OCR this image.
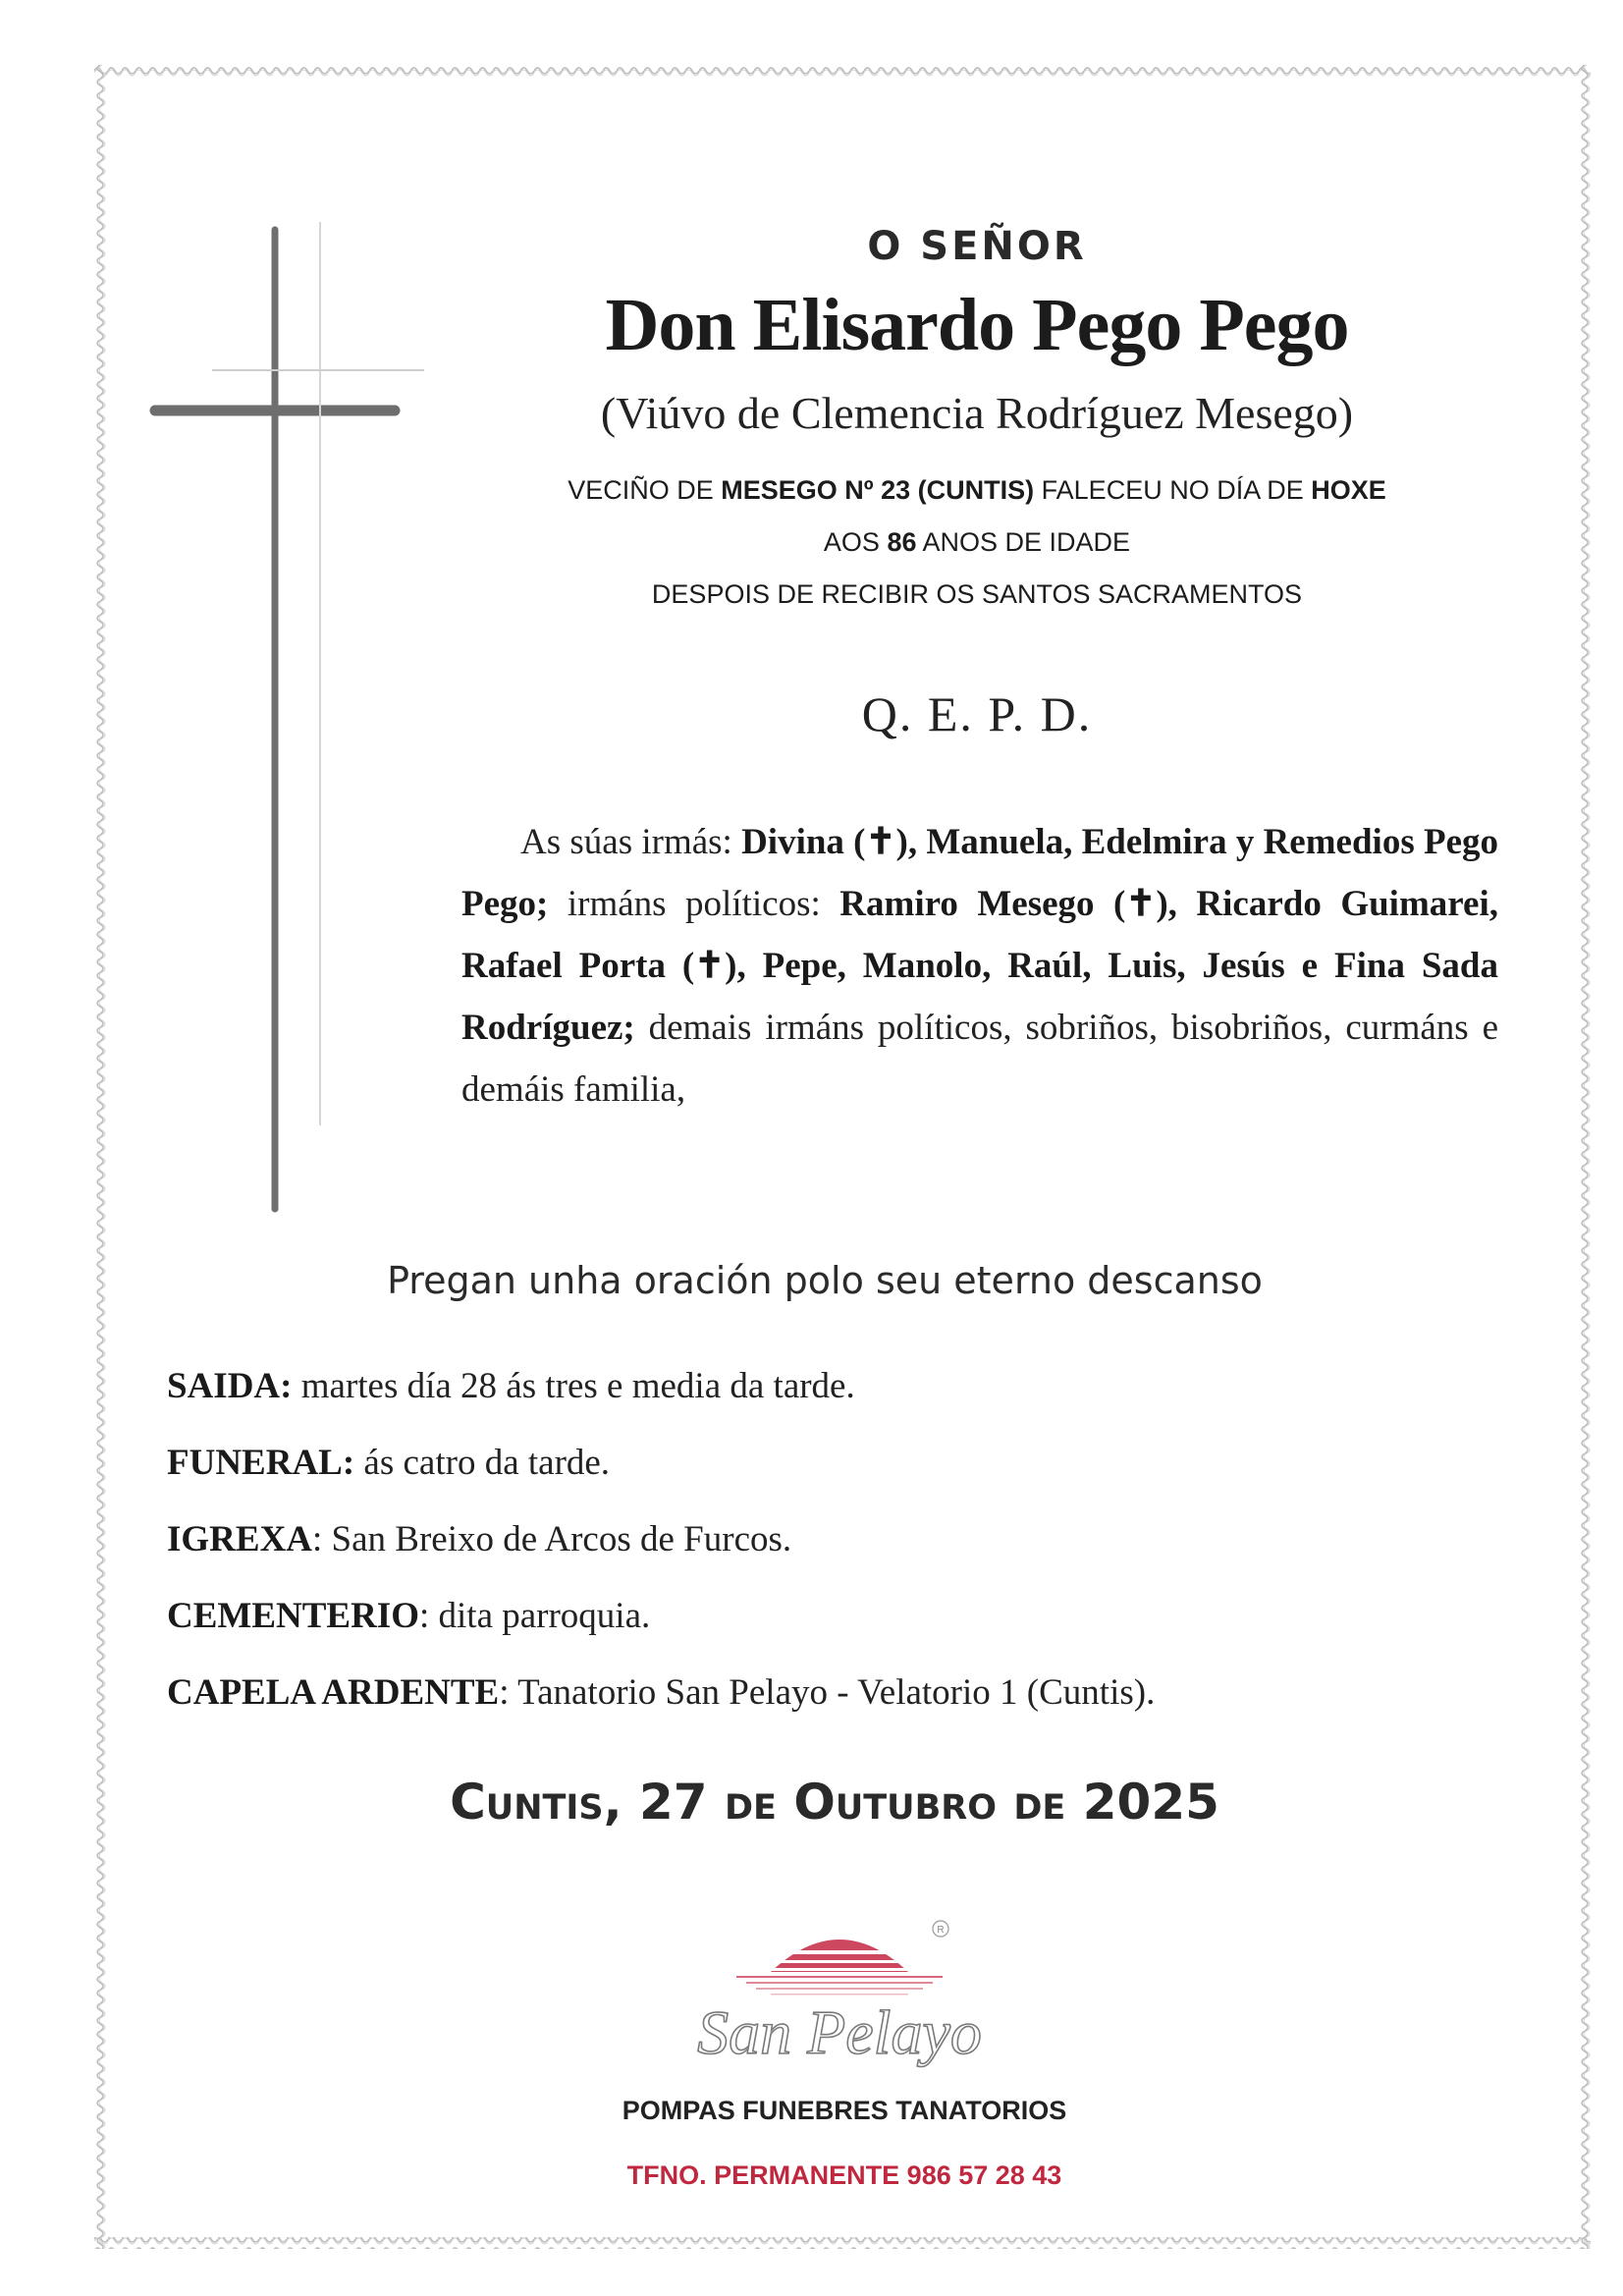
O SEÑOR
Don Elisardo Pego Pego
(Viúvo de Clemencia Rodríguez Mesego)
VECIÑO DE MESEGO Nº 23 (CUNTIS) FALECEU NO DÍA DE HOXE
AOS 86 ANOS DE IDADE
DESPOIS DE RECIBIR OS SANTOS SACRAMENTOS
Q. E. P. D.
As súas irmás: Divina (✝), Manuela, Edelmira y Remedios Pego Pego; irmáns políticos: Ramiro Mesego (✝), Ricardo Guimarei, Rafael Porta (✝), Pepe, Manolo, Raúl, Luis, Jesús e Fina Sada Rodríguez; demais irmáns políticos, sobriños, bisobriños, curmáns e demáis familia,
Pregan unha oración polo seu eterno descanso
SAIDA: martes día 28 ás tres e media da tarde.
FUNERAL: ás catro da tarde.
IGREXA: San Breixo de Arcos de Furcos.
CEMENTERIO: dita parroquia.
CAPELA ARDENTE: Tanatorio San Pelayo - Velatorio 1 (Cuntis).
Cuntis, 27 de Outubro de 2025
R
San Pelayo
POMPAS FUNEBRES TANATORIOS
TFNO. PERMANENTE 986 57 28 43
